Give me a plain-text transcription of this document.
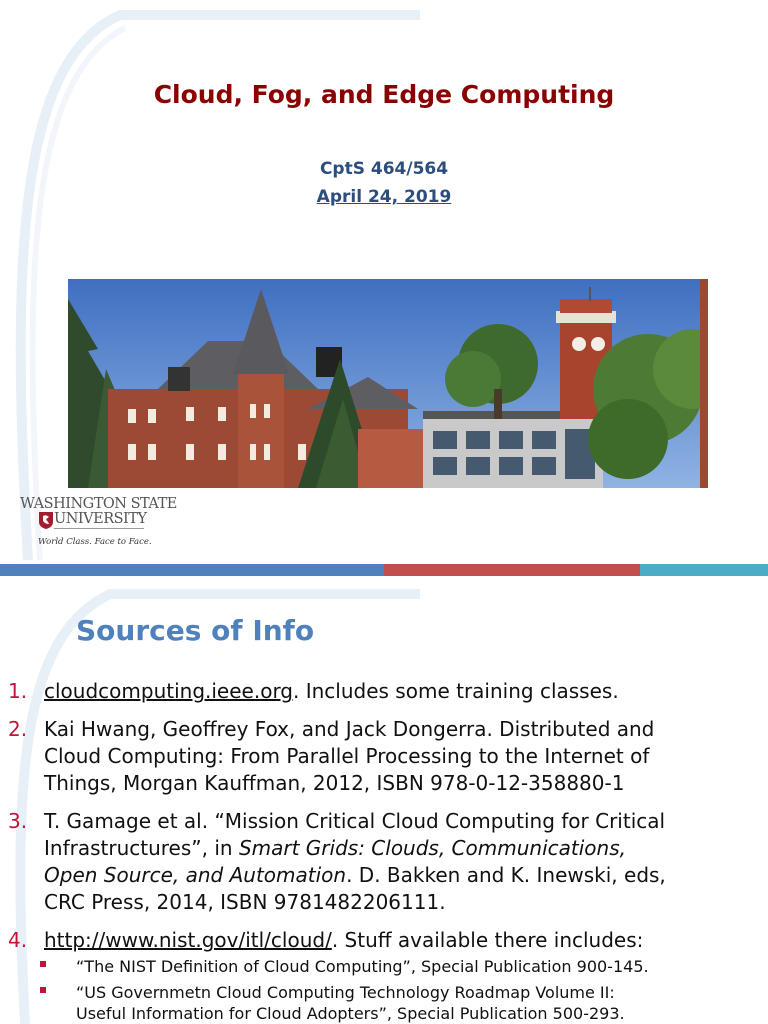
Cloud, Fog, and Edge Computing
CptS 464/564
April 24, 2019
WASHINGTON STATE
UNIVERSITY
World Class. Face to Face.
Sources of Info
1. cloudcomputing.ieee.org. Includes some training classes.
2. Kai Hwang, Geoffrey Fox, and Jack Dongerra. Distributed and
Cloud Computing: From Parallel Processing to the Internet of
Things, Morgan Kauffman, 2012, ISBN 978-0-12-358880-1
3. T. Gamage et al. “Mission Critical Cloud Computing for Critical
Infrastructures”, in Smart Grids: Clouds, Communications,
Open Source, and Automation. D. Bakken and K. Inewski, eds,
CRC Press, 2014, ISBN 9781482206111.
4. http://www.nist.gov/itl/cloud/. Stuff available there includes:
“The NIST Definition of Cloud Computing”, Special Publication 900-145.
“US Governmetn Cloud Computing Technology Roadmap Volume II:
Useful Information for Cloud Adopters”, Special Publication 500-293.
